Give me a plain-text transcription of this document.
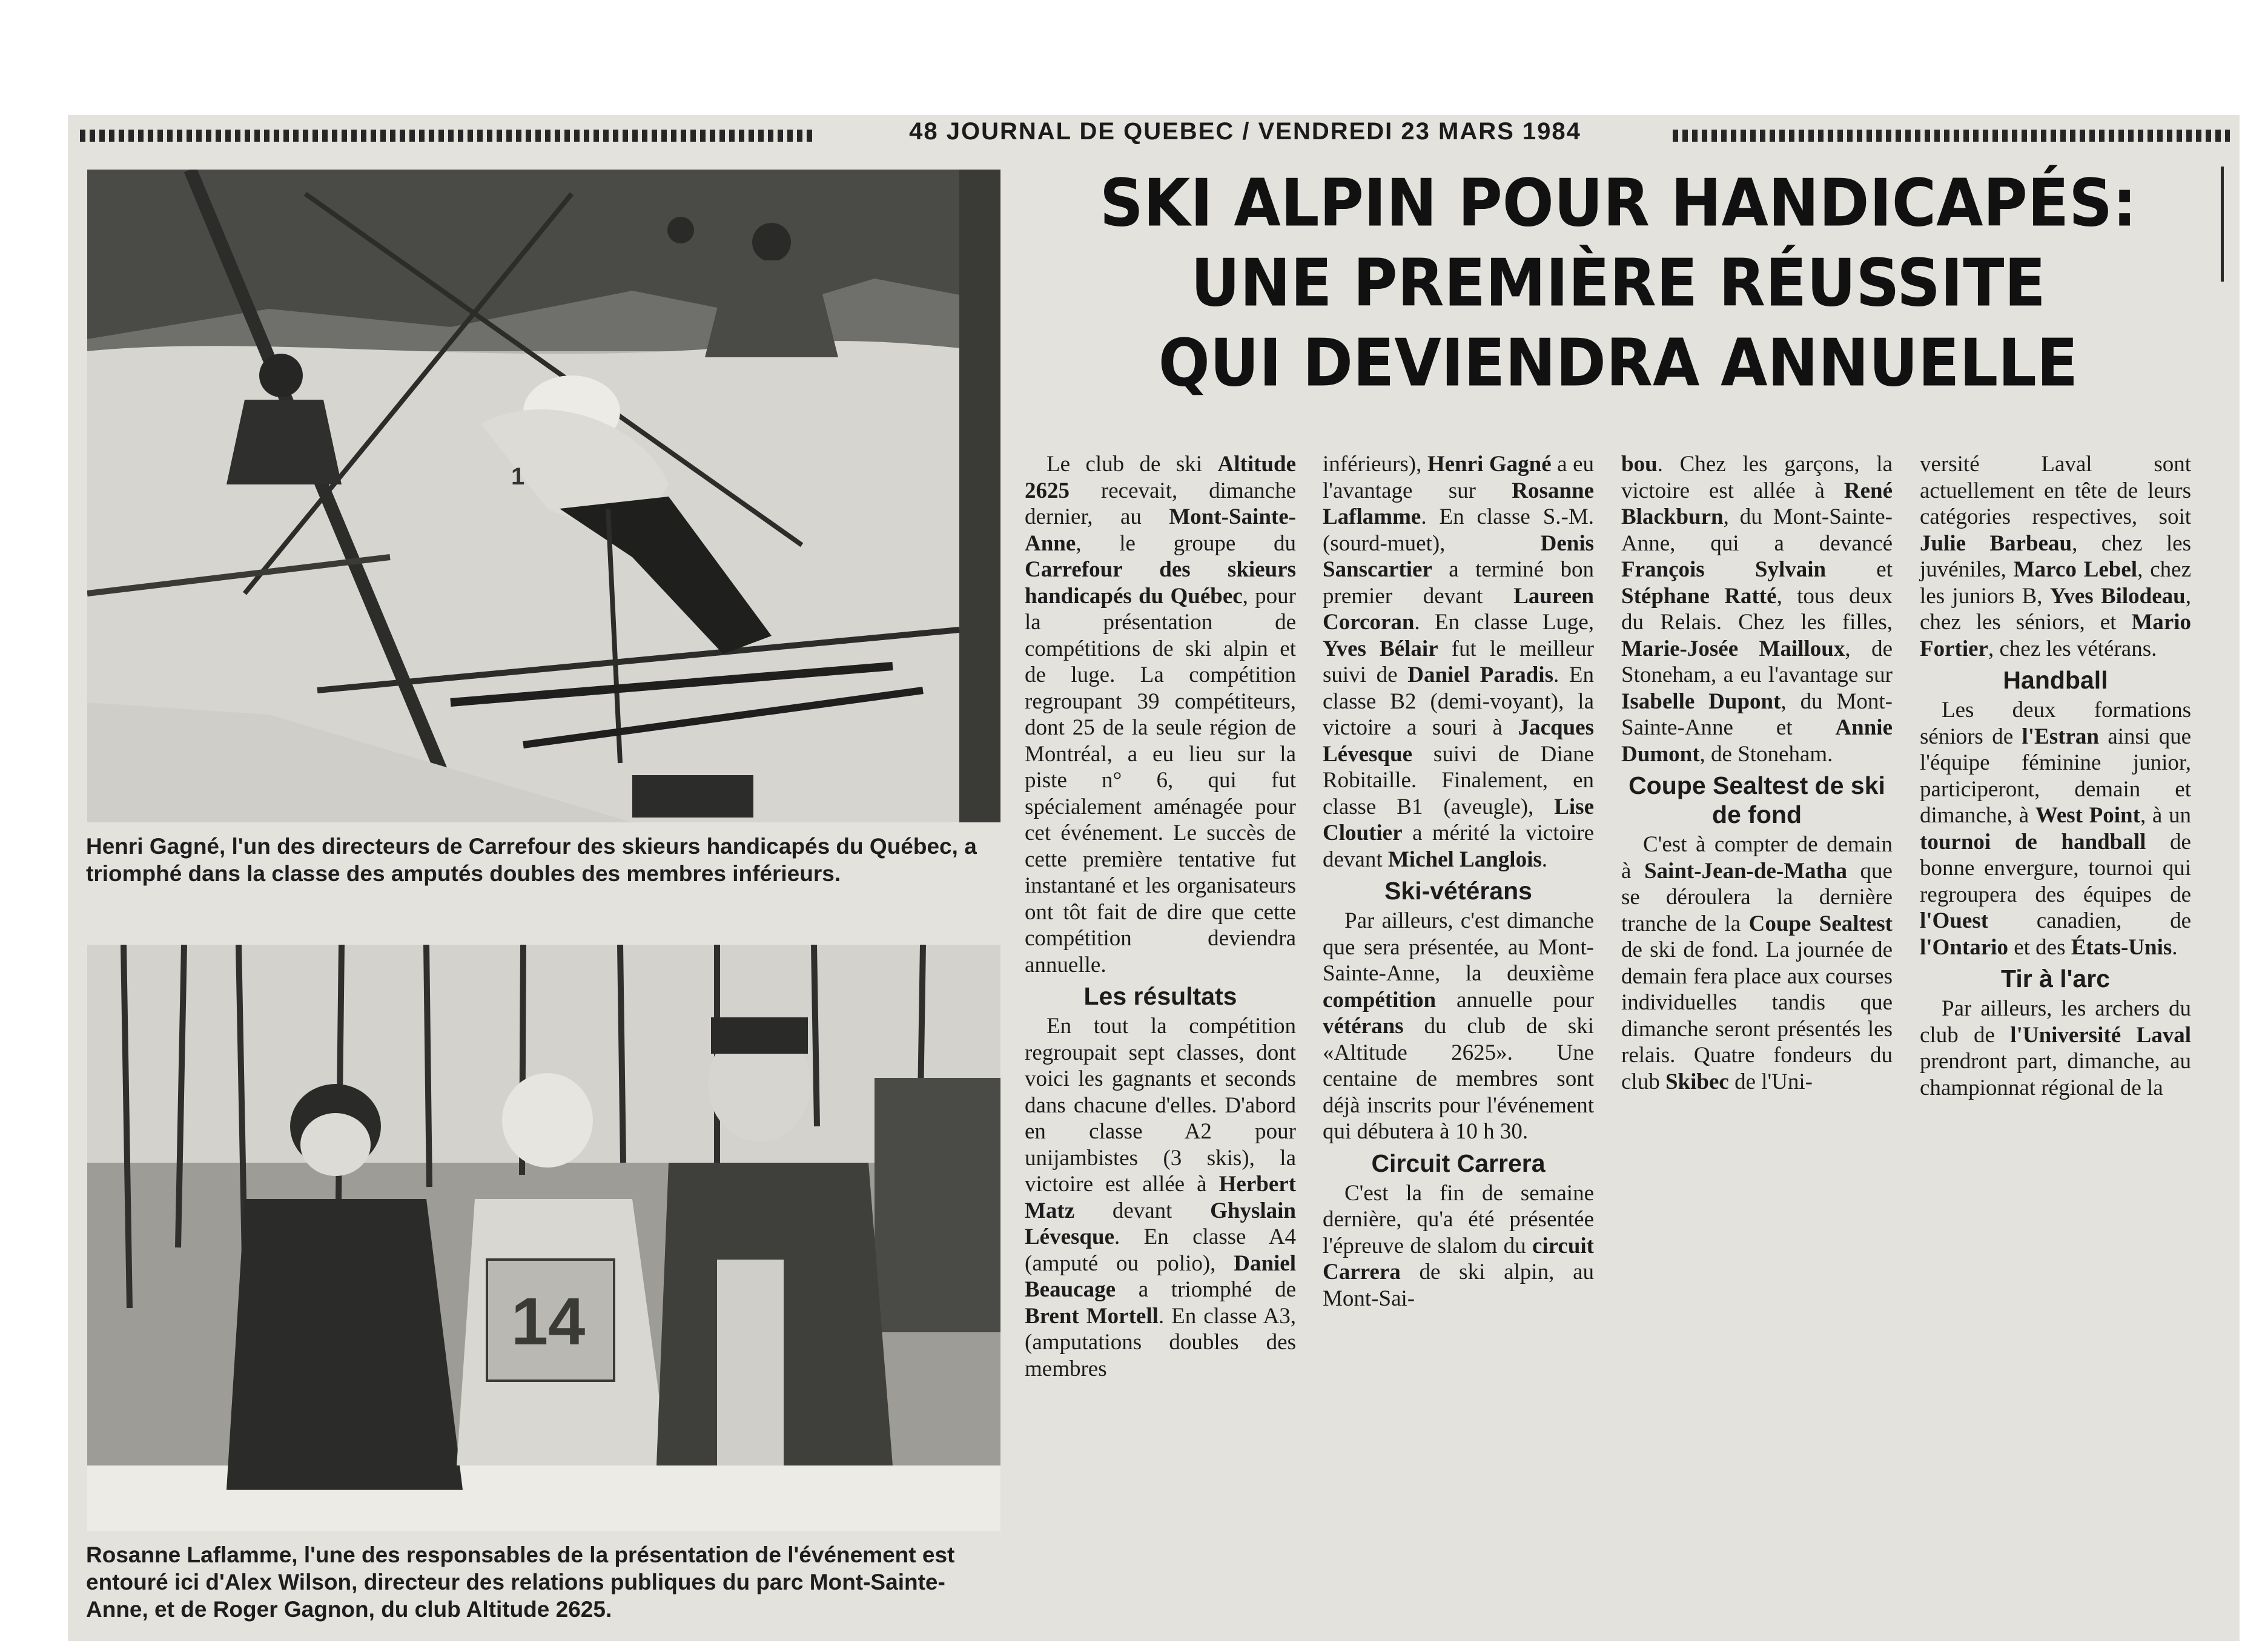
48 JOURNAL DE QUEBEC / VENDREDI 23 MARS 1984
1
Henri Gagné, l'un des directeurs de Carrefour des skieurs handicapés du Québec, a triomphé dans la classe des amputés doubles des membres inférieurs.
14
Rosanne Laflamme, l'une des responsables de la présentation de l'événement est entouré ici d'Alex Wilson, directeur des relations publiques du parc Mont-Sainte-Anne, et de Roger Gagnon, du club Altitude 2625.
SKI ALPIN POUR HANDICAPÉS:
UNE PREMIÈRE RÉUSSITE
QUI DEVIENDRA ANNUELLE

Le club de ski Altitude 2625 recevait, dimanche dernier, au Mont-Sainte-Anne, le groupe du Carrefour des skieurs handicapés du Québec, pour la présentation de compétitions de ski alpin et de luge. La compétition regroupant 39 compétiteurs, dont 25 de la seule région de Montréal, a eu lieu sur la piste n° 6, qui fut spécialement aménagée pour cet événement. Le succès de cette première tentative fut instantané et les organisateurs ont tôt fait de dire que cette compétition deviendra annuelle.

Les résultats

En tout la compétition regroupait sept classes, dont voici les gagnants et seconds dans chacune d'elles. D'abord en classe A2 pour unijambistes (3 skis), la victoire est allée à Herbert Matz devant Ghyslain Lévesque. En classe A4 (amputé ou polio), Daniel Beaucage a triomphé de Brent Mortell. En classe A3, (amputations doubles des membres

inférieurs), Henri Gagné a eu l'avantage sur Rosanne Laflamme. En classe S.-M. (sourd-muet), Denis Sanscartier a terminé bon premier devant Laureen Corcoran. En classe Luge, Yves Bélair fut le meilleur suivi de Daniel Paradis. En classe B2 (demi-voyant), la victoire a souri à Jacques Lévesque suivi de Diane Robitaille. Finalement, en classe B1 (aveugle), Lise Cloutier a mérité la victoire devant Michel Langlois.

Ski-vétérans

Par ailleurs, c'est dimanche que sera présentée, au Mont-Sainte-Anne, la deuxième compétition annuelle pour vétérans du club de ski «Altitude 2625». Une centaine de membres sont déjà inscrits pour l'événement qui débutera à 10 h 30.

Circuit Carrera

C'est la fin de semaine dernière, qu'a été présentée l'épreuve de slalom du circuit Carrera de ski alpin, au Mont-Sai-

bou. Chez les garçons, la victoire est allée à René Blackburn, du Mont-Sainte-Anne, qui a devancé François Sylvain et Stéphane Ratté, tous deux du Relais. Chez les filles, Marie-Josée Mailloux, de Stoneham, a eu l'avantage sur Isabelle Dupont, du Mont-Sainte-Anne et Annie Dumont, de Stoneham.

Coupe Sealtest de ski de fond

C'est à compter de demain à Saint-Jean-de-Matha que se déroulera la dernière tranche de la Coupe Sealtest de ski de fond. La journée de demain fera place aux courses individuelles tandis que dimanche seront présentés les relais. Quatre fondeurs du club Skibec de l'Uni-

versité Laval sont actuellement en tête de leurs catégories respectives, soit Julie Barbeau, chez les juvéniles, Marco Lebel, chez les juniors B, Yves Bilodeau, chez les séniors, et Mario Fortier, chez les vétérans.

Handball

Les deux formations séniors de l'Estran ainsi que l'équipe féminine junior, participeront, demain et dimanche, à West Point, à un tournoi de handball de bonne envergure, tournoi qui regroupera des équipes de l'Ouest canadien, de l'Ontario et des États-Unis.

Tir à l'arc

Par ailleurs, les archers du club de l'Université Laval prendront part, dimanche, au championnat régional de la
